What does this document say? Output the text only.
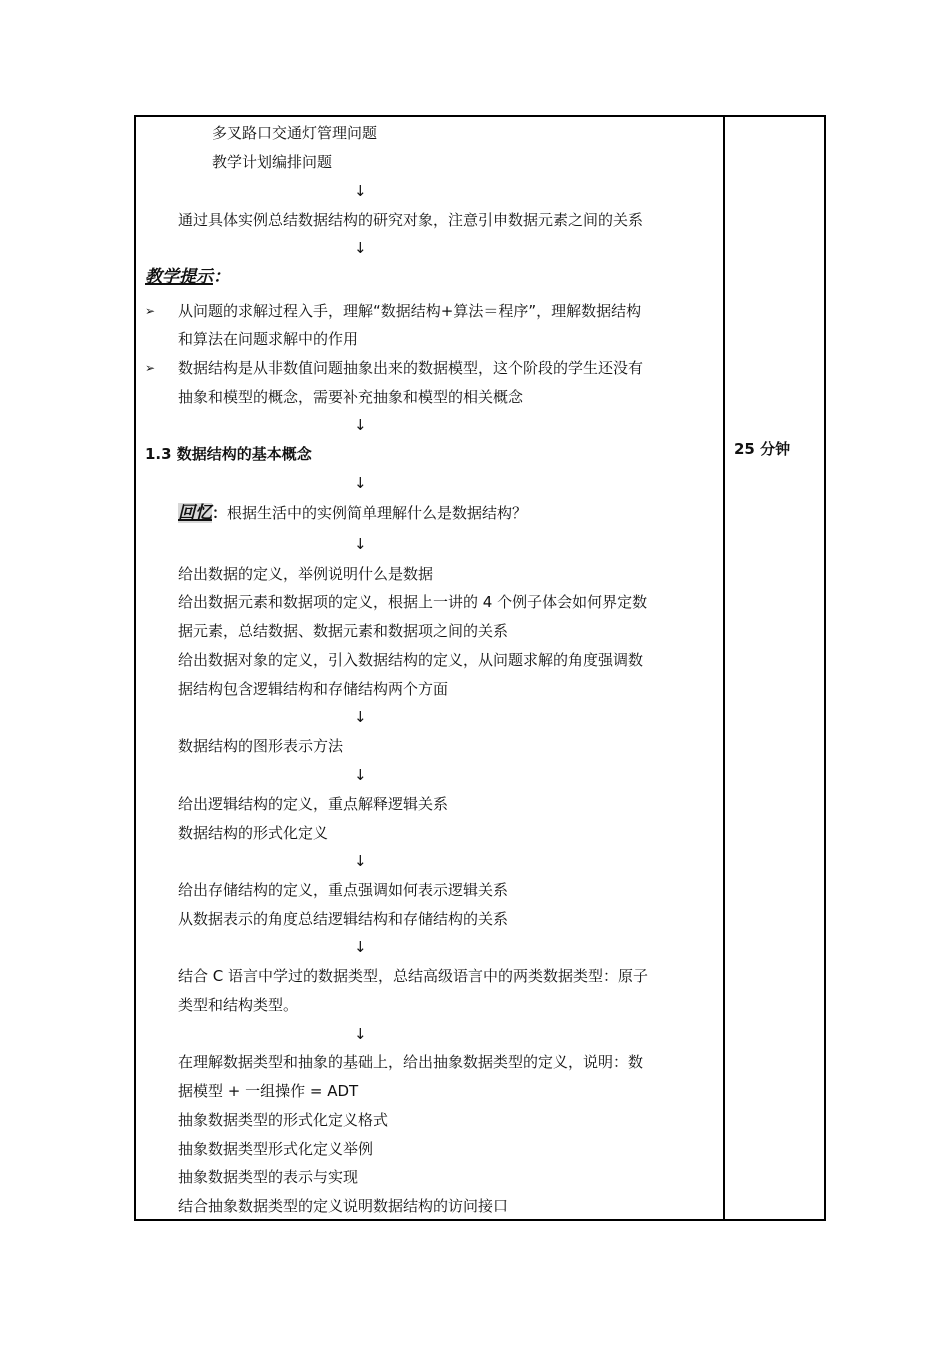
多叉路口交通灯管理问题
教学计划编排问题
↓
通过具体实例总结数据结构的研究对象，注意引申数据元素之间的关系
↓
教学提示：
➢ 从问题的求解过程入手，理解“数据结构+算法＝程序”，理解数据结构
和算法在问题求解中的作用
➢ 数据结构是从非数值问题抽象出来的数据模型，这个阶段的学生还没有
抽象和模型的概念，需要补充抽象和模型的相关概念
↓
1.3 数据结构的基本概念
↓
回忆：根据生活中的实例简单理解什么是数据结构？
↓
给出数据的定义，举例说明什么是数据
给出数据元素和数据项的定义，根据上一讲的 4 个例子体会如何界定数
据元素，总结数据、数据元素和数据项之间的关系
给出数据对象的定义，引入数据结构的定义，从问题求解的角度强调数
据结构包含逻辑结构和存储结构两个方面
↓
数据结构的图形表示方法
↓
给出逻辑结构的定义，重点解释逻辑关系
数据结构的形式化定义
↓
给出存储结构的定义，重点强调如何表示逻辑关系
从数据表示的角度总结逻辑结构和存储结构的关系
↓
结合 C 语言中学过的数据类型，总结高级语言中的两类数据类型：原子
类型和结构类型。
↓
在理解数据类型和抽象的基础上，给出抽象数据类型的定义，说明：数
据模型 + 一组操作 = ADT
抽象数据类型的形式化定义格式
抽象数据类型形式化定义举例
抽象数据类型的表示与实现
结合抽象数据类型的定义说明数据结构的访问接口
25 分钟
